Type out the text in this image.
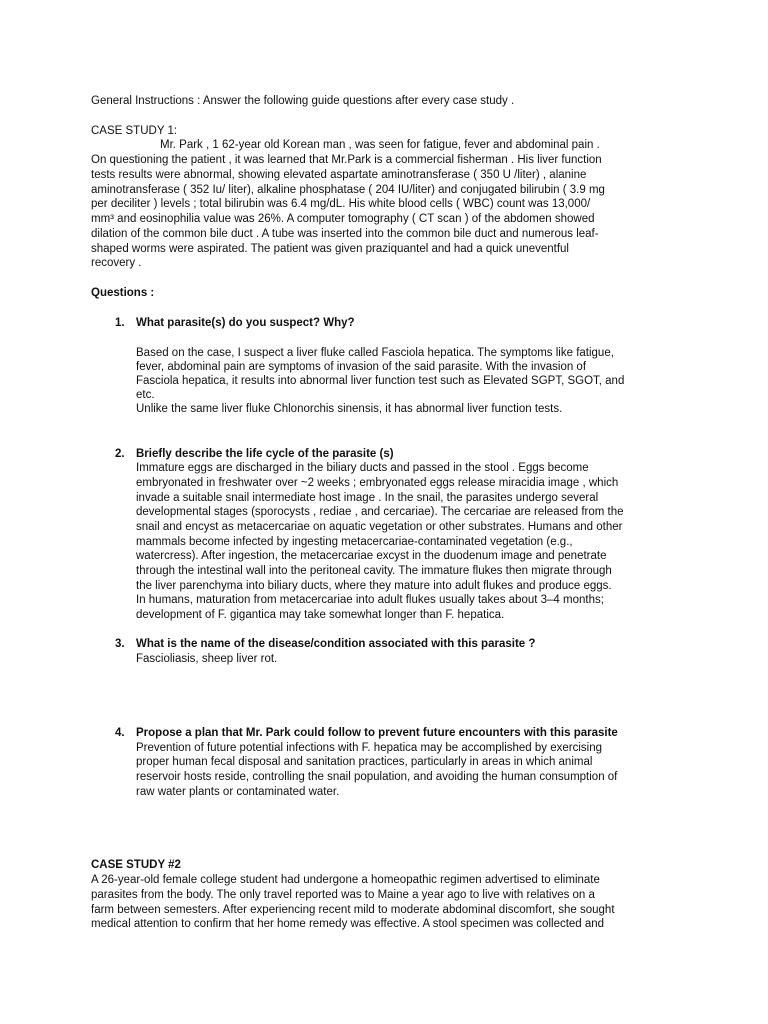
General Instructions : Answer the following guide questions after every case study .
CASE STUDY 1:
Mr. Park , 1 62-year old Korean man , was seen for fatigue, fever and abdominal pain .
On questioning the patient , it was learned that Mr.Park is a commercial fisherman . His liver function
tests results were abnormal, showing elevated aspartate aminotransferase ( 350 U /liter) , alanine
aminotransferase ( 352 Iu/ liter), alkaline phosphatase ( 204 IU/liter) and conjugated bilirubin ( 3.9 mg
per deciliter ) levels ; total bilirubin was 6.4 mg/dL. His white blood cells ( WBC) count was 13,000/
mm³ and eosinophilia value was 26%. A computer tomography ( CT scan ) of the abdomen showed
dilation of the common bile duct . A tube was inserted into the common bile duct and numerous leaf-
shaped worms were aspirated. The patient was given praziquantel and had a quick uneventful
recovery .
Questions :
1. What parasite(s) do you suspect? Why?
Based on the case, I suspect a liver fluke called Fasciola hepatica. The symptoms like fatigue,
fever, abdominal pain are symptoms of invasion of the said parasite. With the invasion of
Fasciola hepatica, it results into abnormal liver function test such as Elevated SGPT, SGOT, and
etc.
Unlike the same liver fluke Chlonorchis sinensis, it has abnormal liver function tests.
2. Briefly describe the life cycle of the parasite (s)
Immature eggs are discharged in the biliary ducts and passed in the stool . Eggs become
embryonated in freshwater over ~2 weeks ; embryonated eggs release miracidia image , which
invade a suitable snail intermediate host image . In the snail, the parasites undergo several
developmental stages (sporocysts , rediae , and cercariae). The cercariae are released from the
snail and encyst as metacercariae on aquatic vegetation or other substrates. Humans and other
mammals become infected by ingesting metacercariae-contaminated vegetation (e.g.,
watercress). After ingestion, the metacercariae excyst in the duodenum image and penetrate
through the intestinal wall into the peritoneal cavity. The immature flukes then migrate through
the liver parenchyma into biliary ducts, where they mature into adult flukes and produce eggs.
In humans, maturation from metacercariae into adult flukes usually takes about 3–4 months;
development of F. gigantica may take somewhat longer than F. hepatica.
3. What is the name of the disease/condition associated with this parasite ?
Fascioliasis, sheep liver rot.
4. Propose a plan that Mr. Park could follow to prevent future encounters with this parasite
Prevention of future potential infections with F. hepatica may be accomplished by exercising
proper human fecal disposal and sanitation practices, particularly in areas in which animal
reservoir hosts reside, controlling the snail population, and avoiding the human consumption of
raw water plants or contaminated water.
CASE STUDY #2
A 26-year-old female college student had undergone a homeopathic regimen advertised to eliminate
parasites from the body. The only travel reported was to Maine a year ago to live with relatives on a
farm between semesters. After experiencing recent mild to moderate abdominal discomfort, she sought
medical attention to confirm that her home remedy was effective. A stool specimen was collected and
